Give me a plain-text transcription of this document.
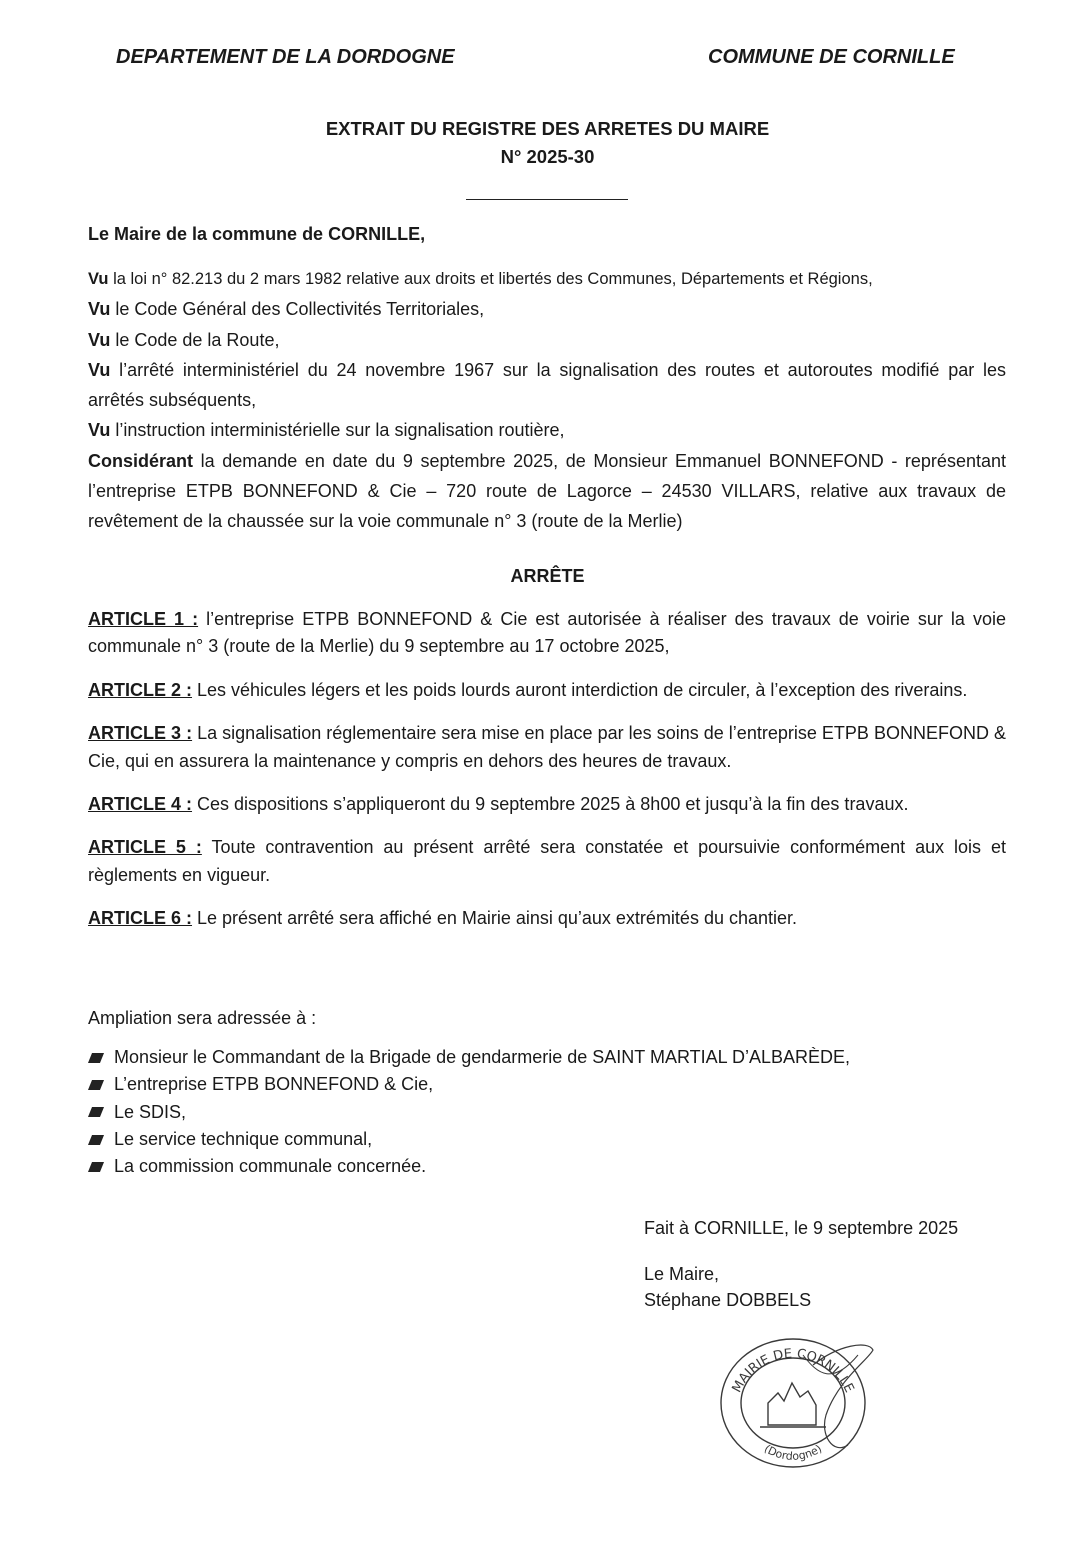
DEPARTEMENT DE LA DORDOGNE	COMMUNE DE CORNILLE
EXTRAIT DU REGISTRE DES ARRETES DU MAIRE
N° 2025-30
Le Maire de la commune de CORNILLE,

Vu la loi n° 82.213 du 2 mars 1982 relative aux droits et libertés des Communes, Départements et Régions,

Vu le Code Général des Collectivités Territoriales,

Vu le Code de la Route,

Vu l’arrêté interministériel du 24 novembre 1967 sur la signalisation des routes et autoroutes modifié par les arrêtés subséquents,

Vu l’instruction interministérielle sur la signalisation routière,

Considérant la demande en date du 9 septembre 2025, de Monsieur Emmanuel BONNEFOND - représentant l’entreprise ETPB BONNEFOND & Cie – 720 route de Lagorce – 24530 VILLARS, relative aux travaux de revêtement de la chaussée sur la voie communale n° 3 (route de la Merlie)

ARRÊTE

ARTICLE 1 : l’entreprise ETPB BONNEFOND & Cie est autorisée à réaliser des travaux de voirie sur la voie communale n° 3 (route de la Merlie) du 9 septembre au 17 octobre 2025,

ARTICLE 2 : Les véhicules légers et les poids lourds auront interdiction de circuler, à l’exception des riverains.

ARTICLE 3 : La signalisation réglementaire sera mise en place par les soins de l’entreprise ETPB BONNEFOND & Cie, qui en assurera la maintenance y compris en dehors des heures de travaux.

ARTICLE 4 : Ces dispositions s’appliqueront du 9 septembre 2025 à 8h00 et jusqu’à la fin des travaux.

ARTICLE 5 : Toute contravention au présent arrêté sera constatée et poursuivie conformément aux lois et règlements en vigueur.

ARTICLE 6 : Le présent arrêté sera affiché en Mairie ainsi qu’aux extrémités du chantier.

Ampliation sera adressée à :
Monsieur le Commandant de la Brigade de gendarmerie de SAINT MARTIAL D’ALBARÈDE,
L’entreprise ETPB BONNEFOND & Cie,
Le SDIS,
Le service technique communal,
La commission communale concernée.
Fait à CORNILLE, le 9 septembre 2025
Le Maire,
Stéphane DOBBELS
MAIRIE DE CORNILLE
(Dordogne)
